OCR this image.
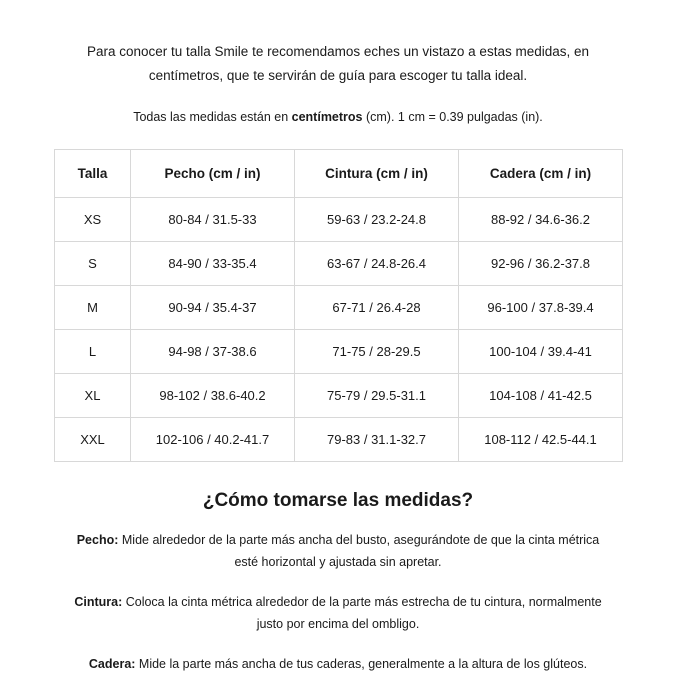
Para conocer tu talla Smile te recomendamos eches un vistazo a estas medidas, en centímetros, que te servirán de guía para escoger tu talla ideal.

Todas las medidas están en centímetros (cm). 1 cm = 0.39 pulgadas (in).

Talla	Pecho (cm / in)	Cintura (cm / in)	Cadera (cm / in)
XS	80-84 / 31.5-33	59-63 / 23.2-24.8	88-92 / 34.6-36.2
S	84-90 / 33-35.4	63-67 / 24.8-26.4	92-96 / 36.2-37.8
M	90-94 / 35.4-37	67-71 / 26.4-28	96-100 / 37.8-39.4
L	94-98 / 37-38.6	71-75 / 28-29.5	100-104 / 39.4-41
XL	98-102 / 38.6-40.2	75-79 / 29.5-31.1	104-108 / 41-42.5
XXL	102-106 / 40.2-41.7	79-83 / 31.1-32.7	108-112 / 42.5-44.1
¿Cómo tomarse las medidas?

Pecho: Mide alrededor de la parte más ancha del busto, asegurándote de que la cinta métrica esté horizontal y ajustada sin apretar.

Cintura: Coloca la cinta métrica alrededor de la parte más estrecha de tu cintura, normalmente justo por encima del ombligo.

Cadera: Mide la parte más ancha de tus caderas, generalmente a la altura de los glúteos.
